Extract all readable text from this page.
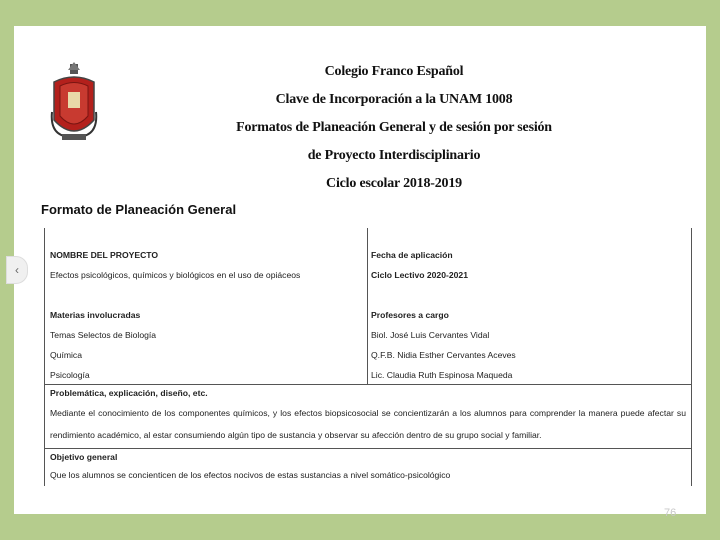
Colegio Franco Español
Clave de Incorporación a la UNAM 1008
Formatos de Planeación General y de sesión por sesión
de Proyecto Interdisciplinario
Ciclo escolar 2018-2019
Formato de Planeación General
NOMBRE DEL PROYECTO
Efectos psicológicos, químicos y biológicos en el uso de opiáceos
Fecha de aplicación
Ciclo Lectivo 2020-2021
Materias involucradas
Temas Selectos de Biología
Química
Psicología
Profesores a cargo
Biol. José Luis Cervantes Vidal
Q.F.B. Nidia Esther Cervantes Aceves
Lic. Claudia Ruth Espinosa Maqueda
Problemática, explicación, diseño, etc.
Mediante el conocimiento de los componentes químicos, y los efectos biopsicosocial se concientizarán a los alumnos para comprender la manera puede afectar su rendimiento académico, al estar consumiendo algún tipo de sustancia y observar su afección dentro de su grupo social y familiar.
Objetivo general
Que los alumnos se concienticen de los efectos nocivos de estas sustancias a nivel somático-psicológico
‹
76
